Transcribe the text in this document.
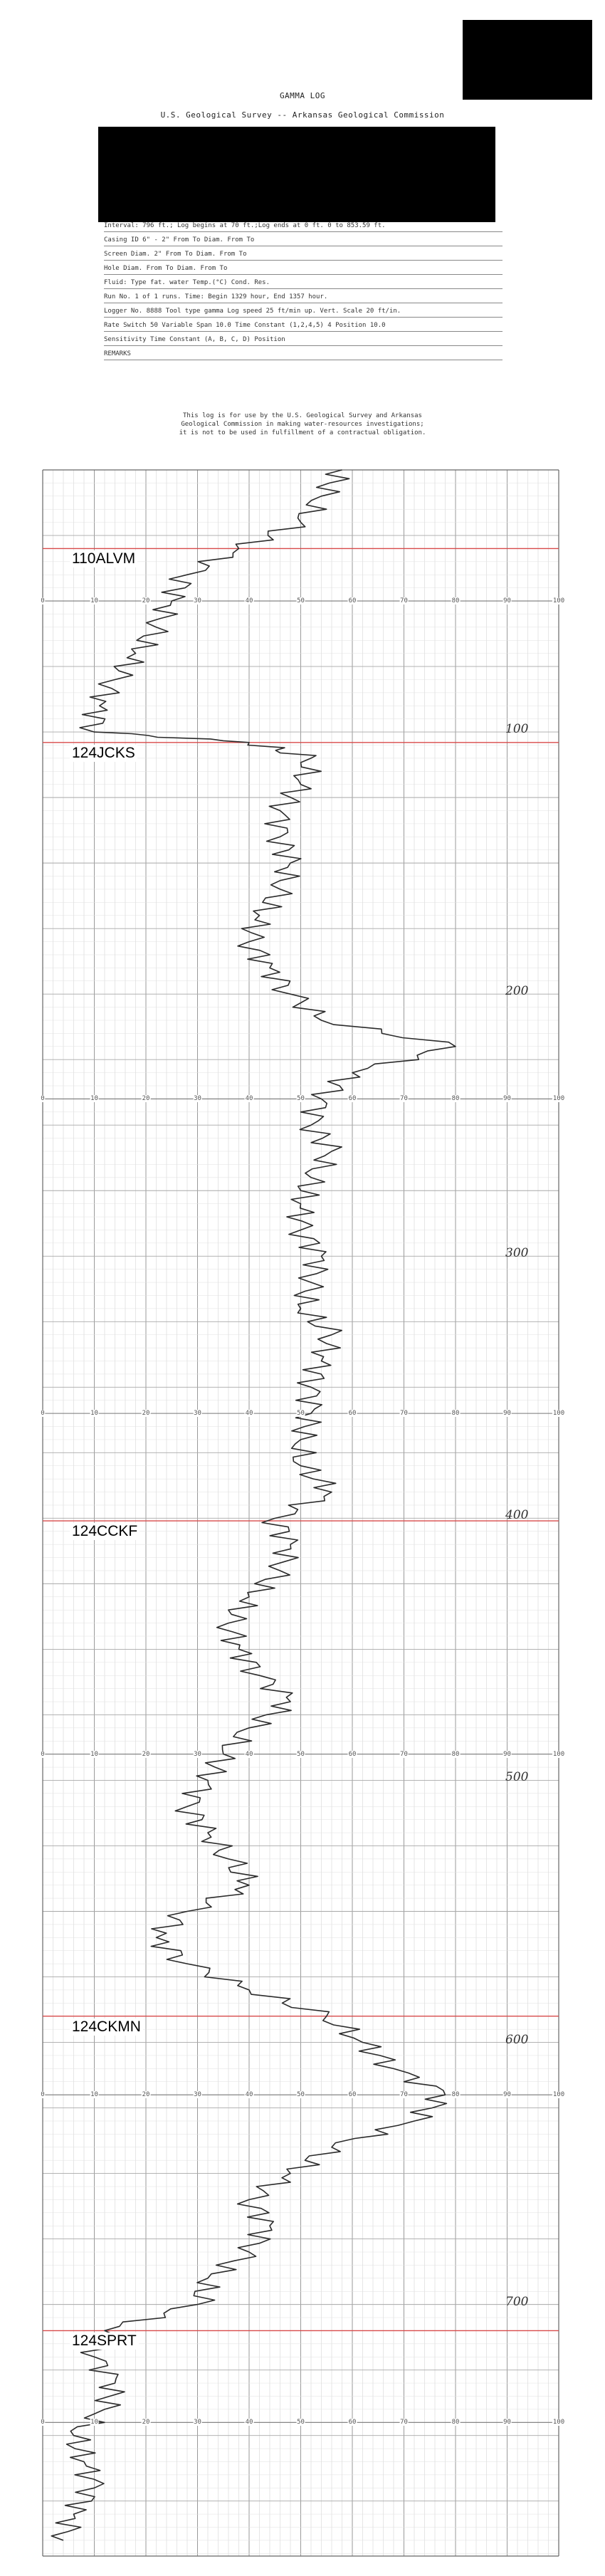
GAMMA LOG
U.S. Geological Survey -- Arkansas Geological Commission
Interval: 796 ft.; Log begins at 70 ft.;Log ends at 0 ft. 0 to 853.59 ft.
Casing ID 6" - 2" From To Diam. From To
Screen Diam. 2" From To Diam. From To
Hole Diam. From To Diam. From To
Fluid: Type fat. water Temp.(°C) Cond. Res.
Run No. 1 of 1 runs. Time: Begin 1329 hour, End 1357 hour.
Logger No. 8888 Tool type gamma Log speed 25 ft/min up. Vert. Scale 20 ft/in.
Rate Switch 50 Variable Span 10.0 Time Constant (1,2,4,5) 4 Position 10.0
Sensitivity Time Constant (A, B, C, D) Position
REMARKS
This log is for use by the U.S. Geological Survey and Arkansas
Geological Commission in making water-resources investigations;
it is not to be used in fulfillment of a contractual obligation.
0	10	20	30	40	50	60	70	80	90	100
0	10	20	30	40	50	60	70	80	90	100
0	10	20	30	40	50	60	70	80	90	100
0	10	20	30	40	50	60	70	80	90	100
0	10	20	30	40	50	60	70	80	90	100
0	10	20	30	40	50	60	70	80	90	100
100
200
300
400
500
600
700
110ALVM
124JCKS
124CCKF
124CKMN
124SPRT
